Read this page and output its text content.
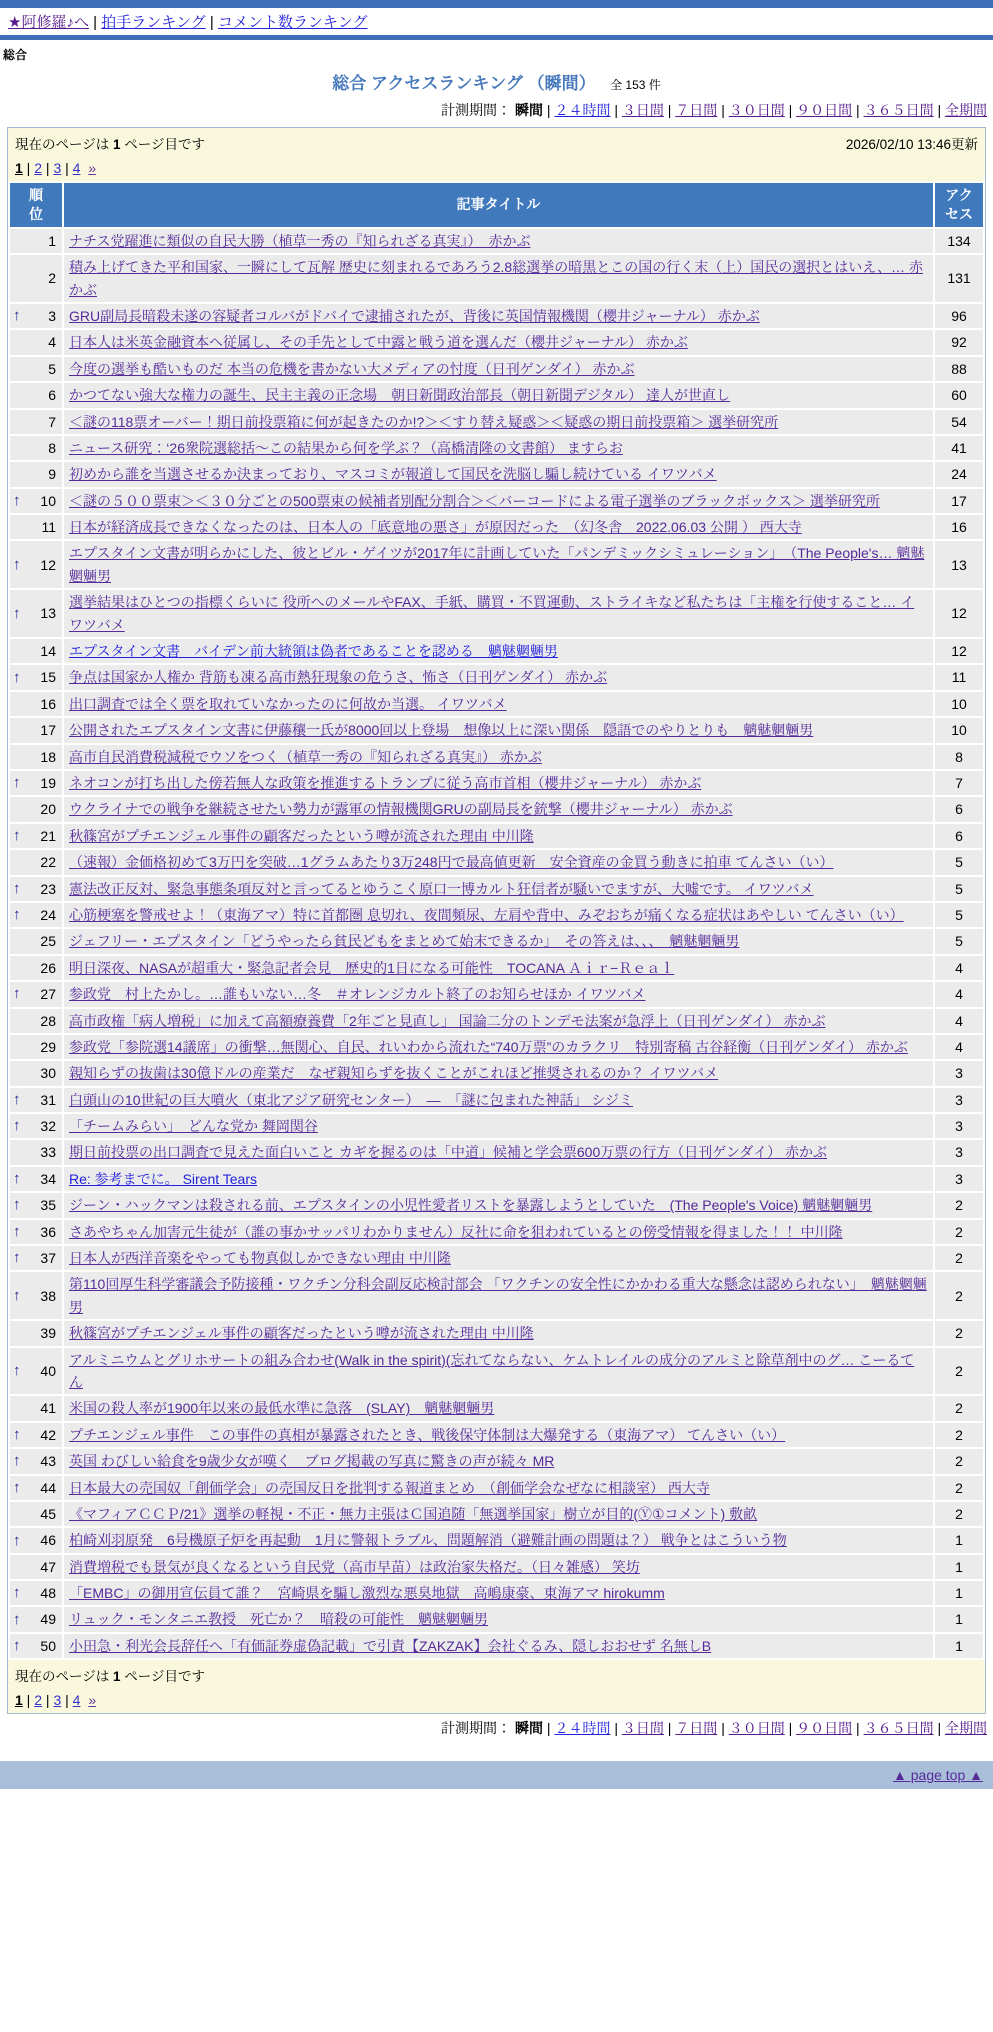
★阿修羅♪へ | 拍手ランキング | コメント数ランキング
総合
総合 アクセスランキング （瞬間） 全 153 件
計測期間： 瞬間 | ２４時間 | ３日間 | ７日間 | ３０日間 | ９０日間 | ３６５日間 | 全期間
現在のページは 1 ページ目です	2026/02/10 13:46更新
1 | 2 | 3 | 4 »
順位	記事タイトル	アクセス
1	ナチス党躍進に類似の自民大勝（植草一秀の『知られざる真実』）　赤かぶ	134
2	積み上げてきた平和国家、一瞬にして瓦解 歴史に刻まれるであろう2.8総選挙の暗黒とこの国の行く末（上）国民の選択とはいえ、… 赤かぶ	131

↑ 3	GRU副局長暗殺未遂の容疑者コルバがドバイで逮捕されたが、背後に英国情報機関（櫻井ジャーナル） 赤かぶ	96
4	日本人は米英金融資本へ従属し、その手先として中露と戦う道を選んだ（櫻井ジャーナル） 赤かぶ	92
5	今度の選挙も酷いものだ 本当の危機を書かない大メディアの忖度（日刊ゲンダイ） 赤かぶ	88
6	かつてない強大な権力の誕生、民主主義の正念場　朝日新聞政治部長（朝日新聞デジタル） 達人が世直し	60
7	＜謎の118票オーバー！期日前投票箱に何が起きたのか!?＞＜すり替え疑惑＞＜疑惑の期日前投票箱＞ 選挙研究所	54
8	ニュース研究：‘26衆院選総括～この結果から何を学ぶ？（高橋清隆の文書館） ますらお	41
9	初めから誰を当選させるか決まっており、マスコミが報道して国民を洗脳し騙し続けている イワツバメ	24

↑ 10	＜謎の５００票束＞＜３０分ごとの500票束の候補者別配分割合＞＜バーコードによる電子選挙のブラックボックス＞ 選挙研究所	17
11	日本が経済成長できなくなったのは、日本人の「底意地の悪さ」が原因だった　（幻冬舎　2022.06.03 公開 ） 西大寺	16

↑ 12	エプスタイン文書が明らかにした、彼とビル・ゲイツが2017年に計画していた「パンデミックシミュレーション」　（The People's… 魑魅魍魎男	13

↑ 13	選挙結果はひとつの指標くらいに 役所へのメールやFAX、手紙、購買・不買運動、ストライキなど私たちは「主権を行使すること… イワツバメ	12
14	エプスタイン文書　バイデン前大統領は偽者であることを認める　魑魅魍魎男	12

↑ 15	争点は国家か人権か 背筋も凍る高市熱狂現象の危うさ、怖さ（日刊ゲンダイ） 赤かぶ	11
16	出口調査では全く票を取れていなかったのに何故か当選。 イワツバメ	10
17	公開されたエプスタイン文書に伊藤穰一氏が8000回以上登場　想像以上に深い関係　隠語でのやりとりも　魑魅魍魎男	10
18	高市自民消費税減税でウソをつく（植草一秀の『知られざる真実』） 赤かぶ	8

↑ 19	ネオコンが打ち出した傍若無人な政策を推進するトランプに従う高市首相（櫻井ジャーナル） 赤かぶ	7
20	ウクライナでの戦争を継続させたい勢力が露軍の情報機関GRUの副局長を銃撃（櫻井ジャーナル） 赤かぶ	6

↑ 21	秋篠宮がプチエンジェル事件の顧客だったという噂が流された理由 中川隆	6
22	（速報）金価格初めて3万円を突破…1グラムあたり3万248円で最高値更新　安全資産の金買う動きに拍車 てんさい（い）	5

↑ 23	憲法改正反対、緊急事態条項反対と言ってるとゆうこく原口一博カルト狂信者が騒いでますが、大嘘です。 イワツバメ	5

↑ 24	心筋梗塞を警戒せよ！（東海アマ）特に首都圏 息切れ、夜間頻尿、左肩や背中、みぞおちが痛くなる症状はあやしい てんさい（い）	5
25	ジェフリー・エプスタイン「どうやったら貧民どもをまとめて始末できるか」　その答えは、、、　魑魅魍魎男	5
26	明日深夜、NASAが超重大・緊急記者会見　歴史的1日になる可能性　TOCANA Ａｉｒ−Ｒｅａｌ	4

↑ 27	参政党　村上たかし。…誰もいない…冬　＃オレンジカルト終了のお知らせほか イワツバメ	4
28	高市政権「病人増税」に加えて高額療養費「2年ごと見直し」 国論二分のトンデモ法案が急浮上（日刊ゲンダイ） 赤かぶ	4
29	参政党「参院選14議席」の衝撃…無関心、自民、れいわから流れた“740万票”のカラクリ　特別寄稿 古谷経衡（日刊ゲンダイ） 赤かぶ	4
30	親知らずの抜歯は30億ドルの産業だ　なぜ親知らずを抜くことがこれほど推奨されるのか？ イワツバメ	3

↑ 31	白頭山の10世紀の巨大噴火（東北アジア研究センター）　―　「謎に包まれた神話」 シジミ	3

↑ 32	「チームみらい」　どんな党か 舞岡関谷	3
33	期日前投票の出口調査で見えた面白いこと カギを握るのは「中道」候補と学会票600万票の行方（日刊ゲンダイ） 赤かぶ	3

↑ 34	Re: 参考までに。 Sirent Tears	3

↑ 35	ジーン・ハックマンは殺される前、エプスタインの小児性愛者リストを暴露しようとしていた　(The People's Voice) 魑魅魍魎男	2

↑ 36	さあやちゃん加害元生徒が（誰の事かサッパリわかりません）反社に命を狙われているとの傍受情報を得ました！！ 中川隆	2

↑ 37	日本人が西洋音楽をやっても物真似しかできない理由 中川隆	2

↑ 38	第110回厚生科学審議会予防接種・ワクチン分科会副反応検討部会 「ワクチンの安全性にかかわる重大な懸念は認められない」　魑魅魍魎男	2
39	秋篠宮がプチエンジェル事件の顧客だったという噂が流された理由 中川隆	2

↑ 40	アルミニウムとグリホサートの組み合わせ(Walk in the spirit)(忘れてならない、ケムトレイルの成分のアルミと除草剤中のグ… こーるてん	2
41	米国の殺人率が1900年以来の最低水準に急落　(SLAY)　魑魅魍魎男	2

↑ 42	プチエンジェル事件　この事件の真相が暴露されたとき、戦後保守体制は大爆発する（東海アマ） てんさい（い）	2

↑ 43	英国 わびしい給食を9歳少女が嘆く　ブログ掲載の写真に驚きの声が続々 MR	2

↑ 44	日本最大の売国奴「創価学会」の売国反日を批判する報道まとめ　（創価学会なぜなに相談室） 西大寺	2
45	《マフィアＣＣＰ/21》選挙の軽視・不正・無力主張はＣ国追随「無選挙国家」樹立が目的(Ⓨ①コメント) 敷畝	2

↑ 46	柏崎刈羽原発　6号機原子炉を再起動　1月に警報トラブル、問題解消（避難計画の問題は？） 戦争とはこういう物	1
47	消費増税でも景気が良くなるという自民党（高市早苗）は政治家失格だ。（日々雑感） 笑坊	1

↑ 48	「EMBC」の御用宣伝員て誰？　宮崎県を騙し激烈な悪臭地獄　高嶋康豪、東海アマ hirokumm	1

↑ 49	リュック・モンタニエ教授　死亡か？　暗殺の可能性　魑魅魍魎男	1

↑ 50	小田急・利光会長辞任へ「有価証券虚偽記載」で引責【ZAKZAK】会社ぐるみ、隠しおおせず 名無しB	1
現在のページは 1 ページ目です
1 | 2 | 3 | 4 »
計測期間： 瞬間 | ２４時間 | ３日間 | ７日間 | ３０日間 | ９０日間 | ３６５日間 | 全期間
▲ page top ▲
